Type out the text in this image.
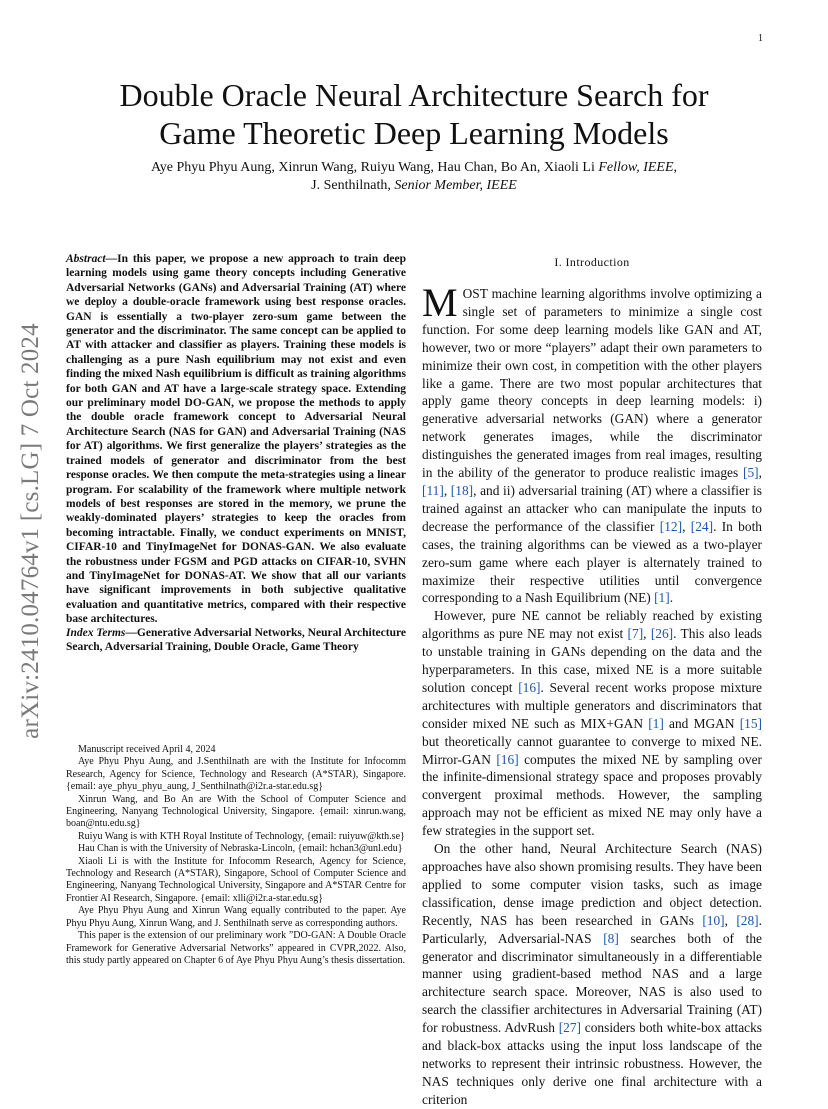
1
arXiv:2410.04764v1 [cs.LG] 7 Oct 2024
Double Oracle Neural Architecture Search for
Game Theoretic Deep Learning Models
Aye Phyu Phyu Aung, Xinrun Wang, Ruiyu Wang, Hau Chan, Bo An, Xiaoli Li Fellow, IEEE,
J. Senthilnath, Senior Member, IEEE
Abstract—In this paper, we propose a new approach to train deep learning models using game theory concepts including Generative Adversarial Networks (GANs) and Adversarial Training (AT) where we deploy a double-oracle framework using best response oracles. GAN is essentially a two-player zero-sum game between the generator and the discriminator. The same concept can be applied to AT with attacker and classifier as players. Training these models is challenging as a pure Nash equilibrium may not exist and even finding the mixed Nash equilibrium is difficult as training algorithms for both GAN and AT have a large-scale strategy space. Extending our preliminary model DO-GAN, we propose the methods to apply the double oracle framework concept to Adversarial Neural Architecture Search (NAS for GAN) and Adversarial Training (NAS for AT) algorithms. We first generalize the players’ strategies as the trained models of generator and discriminator from the best response oracles. We then compute the meta-strategies using a linear program. For scalability of the framework where multiple network models of best responses are stored in the memory, we prune the weakly-dominated players’ strategies to keep the oracles from becoming intractable. Finally, we conduct experiments on MNIST, CIFAR-10 and TinyImageNet for DONAS-GAN. We also evaluate the robustness under FGSM and PGD attacks on CIFAR-10, SVHN and TinyImageNet for DONAS-AT. We show that all our variants have significant improvements in both subjective qualitative evaluation and quantitative metrics, compared with their respective base architectures.
Index Terms—Generative Adversarial Networks, Neural Architecture Search, Adversarial Training, Double Oracle, Game Theory

Manuscript received April 4, 2024

Aye Phyu Phyu Aung, and J.Senthilnath are with the Institute for Infocomm Research, Agency for Science, Technology and Research (A*STAR), Singapore. {email: aye_phyu_phyu_aung, J_Senthilnath@i2r.a-star.edu.sg}

Xinrun Wang, and Bo An are With the School of Computer Science and Engineering, Nanyang Technological University, Singapore. {email: xinrun.wang, boan@ntu.edu.sg}

Ruiyu Wang is with KTH Royal Institute of Technology, {email: ruiyuw@kth.se}

Hau Chan is with the University of Nebraska-Lincoln, {email: hchan3@unl.edu}

Xiaoli Li is with the Institute for Infocomm Research, Agency for Science, Technology and Research (A*STAR), Singapore, School of Computer Science and Engineering, Nanyang Technological University, Singapore and A*STAR Centre for Frontier AI Research, Singapore. {email: xlli@i2r.a-star.edu.sg}

Aye Phyu Phyu Aung and Xinrun Wang equally contributed to the paper. Aye Phyu Phyu Aung, Xinrun Wang, and J. Senthilnath serve as corresponding authors.

This paper is the extension of our preliminary work ”DO-GAN: A Double Oracle Framework for Generative Adversarial Networks” appeared in CVPR,2022. Also, this study partly appeared on Chapter 6 of Aye Phyu Phyu Aung’s thesis dissertation.

I. Introduction

MOST machine learning algorithms involve optimizing a single set of parameters to minimize a single cost function. For some deep learning models like GAN and AT, however, two or more “players” adapt their own parameters to minimize their own cost, in competition with the other players like a game. There are two most popular architectures that apply game theory concepts in deep learning models: i) generative adversarial networks (GAN) where a generator network generates images, while the discriminator distinguishes the generated images from real images, resulting in the ability of the generator to produce realistic images [5], [11], [18], and ii) adversarial training (AT) where a classifier is trained against an attacker who can manipulate the inputs to decrease the performance of the classifier [12], [24]. In both cases, the training algorithms can be viewed as a two-player zero-sum game where each player is alternately trained to maximize their respective utilities until convergence corresponding to a Nash Equilibrium (NE) [1].

However, pure NE cannot be reliably reached by existing algorithms as pure NE may not exist [7], [26]. This also leads to unstable training in GANs depending on the data and the hyperparameters. In this case, mixed NE is a more suitable solution concept [16]. Several recent works propose mixture architectures with multiple generators and discriminators that consider mixed NE such as MIX+GAN [1] and MGAN [15] but theoretically cannot guarantee to converge to mixed NE. Mirror-GAN [16] computes the mixed NE by sampling over the infinite-dimensional strategy space and proposes provably convergent proximal methods. However, the sampling approach may not be efficient as mixed NE may only have a few strategies in the support set.

On the other hand, Neural Architecture Search (NAS) approaches have also shown promising results. They have been applied to some computer vision tasks, such as image classification, dense image prediction and object detection. Recently, NAS has been researched in GANs [10], [28]. Particularly, Adversarial-NAS [8] searches both of the generator and discriminator simultaneously in a differentiable manner using gradient-based method NAS and a large architecture search space. Moreover, NAS is also used to search the classifier architectures in Adversarial Training (AT) for robustness. AdvRush [27] considers both white-box attacks and black-box attacks using the input loss landscape of the networks to represent their intrinsic robustness. However, the NAS techniques only derive one final architecture with a criterion
